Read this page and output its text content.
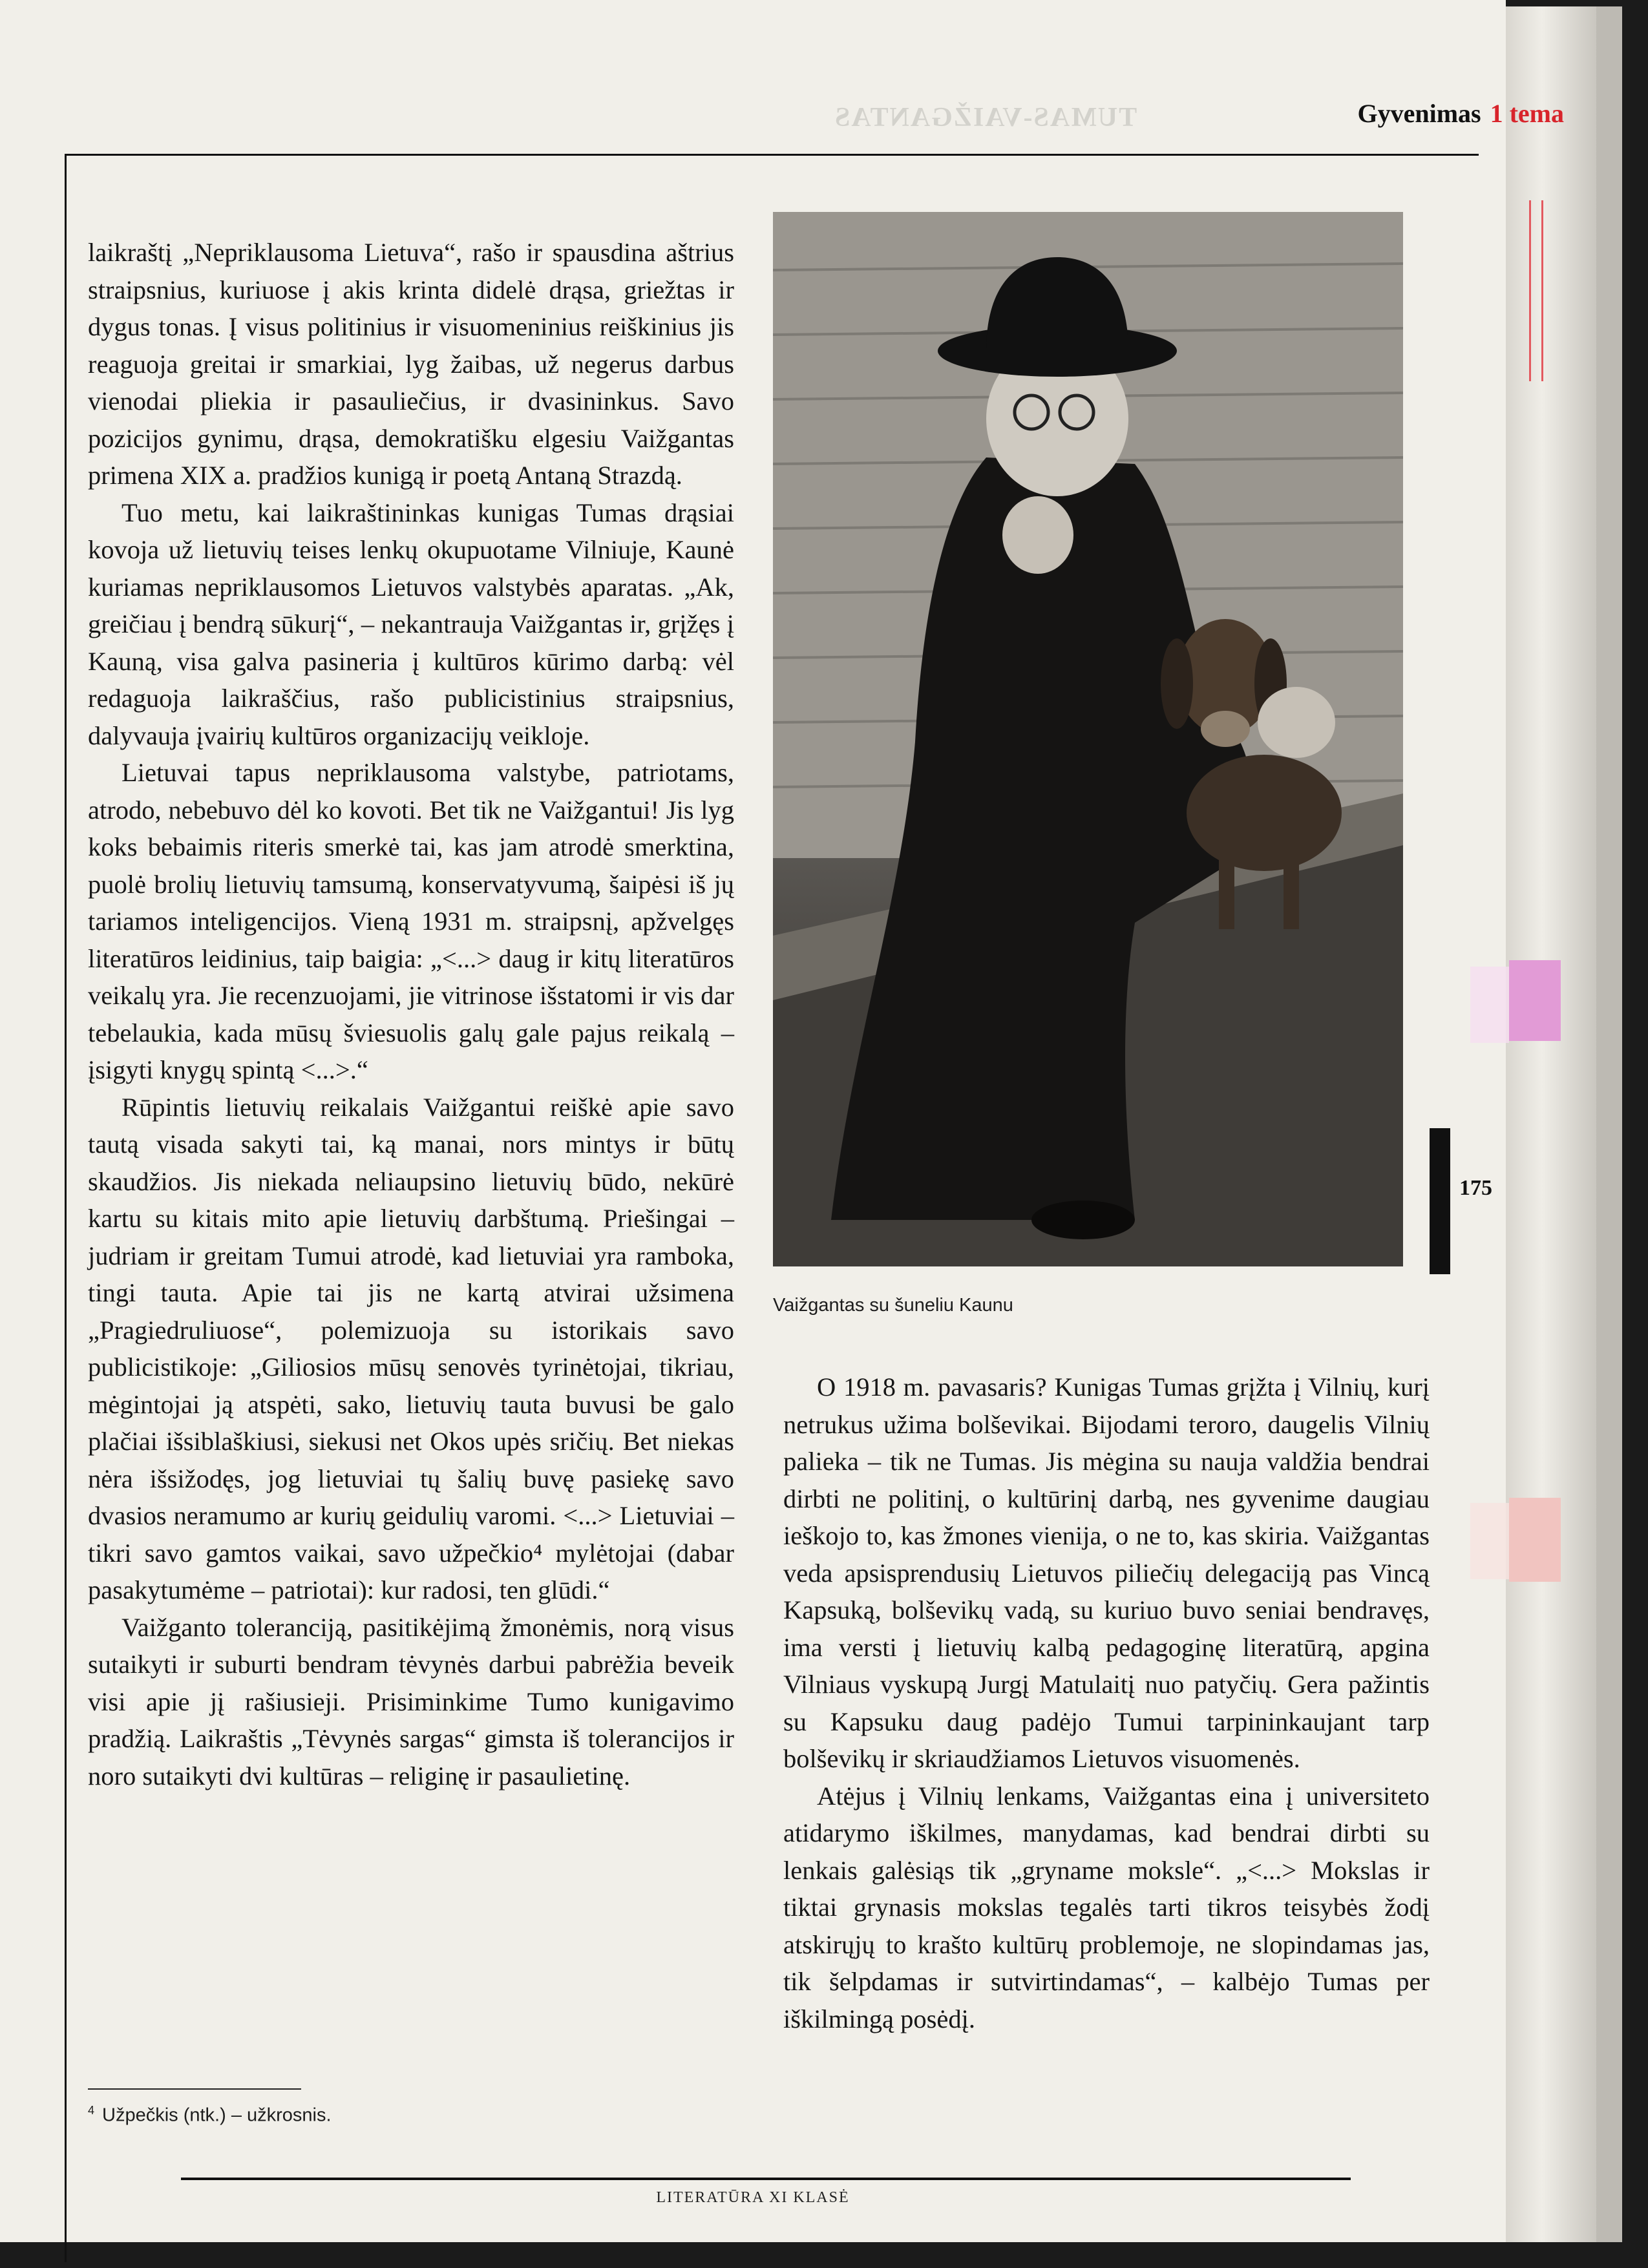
TUMAS-VAIŽGANTAS	Gyvenimas 1 tema

laikraštį „Nepriklausoma Lietuva“, rašo ir spausdina aštrius straipsnius, kuriuose į akis krinta didelė drąsa, griežtas ir dygus tonas. Į visus politinius ir visuomeninius reiškinius jis reaguoja greitai ir smarkiai, lyg žaibas, už negerus darbus vienodai pliekia ir pasauliečius, ir dvasininkus. Savo pozicijos gynimu, drąsa, demokratišku elgesiu Vaižgantas primena XIX a. pradžios kunigą ir poetą Antaną Strazdą.

Tuo metu, kai laikraštininkas kunigas Tumas drąsiai kovoja už lietuvių teises lenkų okupuotame Vilniuje, Kaunė kuriamas nepriklausomos Lietuvos valstybės aparatas. „Ak, greičiau į bendrą sūkurį“, – nekantrauja Vaižgantas ir, grįžęs į Kauną, visa galva pasineria į kultūros kūrimo darbą: vėl redaguoja laikraščius, rašo publicistinius straipsnius, dalyvauja įvairių kultūros organizacijų veikloje.

Lietuvai tapus nepriklausoma valstybe, patriotams, atrodo, nebebuvo dėl ko kovoti. Bet tik ne Vaižgantui! Jis lyg koks bebaimis riteris smerkė tai, kas jam atrodė smerktina, puolė brolių lietuvių tamsumą, konservatyvumą, šaipėsi iš jų tariamos inteligencijos. Vieną 1931 m. straipsnį, apžvelgęs literatūros leidinius, taip baigia: „<...> daug ir kitų literatūros veikalų yra. Jie recenzuojami, jie vitrinose išstatomi ir vis dar tebelaukia, kada mūsų šviesuolis galų gale pajus reikalą – įsigyti knygų spintą <...>.“

Rūpintis lietuvių reikalais Vaižgantui reiškė apie savo tautą visada sakyti tai, ką manai, nors mintys ir būtų skaudžios. Jis niekada neliaupsino lietuvių būdo, nekūrė kartu su kitais mito apie lietuvių darbštumą. Priešingai – judriam ir greitam Tumui atrodė, kad lietuviai yra ramboka, tingi tauta. Apie tai jis ne kartą atvirai užsimena „Pragiedruliuose“, polemizuoja su istorikais savo publicistikoje: „Giliosios mūsų senovės tyrinėtojai, tikriau, mėgintojai ją atspėti, sako, lietuvių tauta buvusi be galo plačiai išsiblaškiusi, siekusi net Okos upės sričių. Bet niekas nėra išsižodęs, jog lietuviai tų šalių buvę pasiekę savo dvasios neramumo ar kurių geidulių varomi. <...> Lietuviai – tikri savo gamtos vaikai, savo užpečkio⁴ mylėtojai (dabar pasakytumėme – patriotai): kur radosi, ten glūdi.“

Vaižganto toleranciją, pasitikėjimą žmonėmis, norą visus sutaikyti ir suburti bendram tėvynės darbui pabrėžia beveik visi apie jį rašiusieji. Prisiminkime Tumo kunigavimo pradžią. Laikraštis „Tėvynės sargas“ gimsta iš tolerancijos ir noro sutaikyti dvi kultūras – religinę ir pasaulietinę.

Vaižgantas su šuneliu Kaunu

O 1918 m. pavasaris? Kunigas Tumas grįžta į Vilnių, kurį netrukus užima bolševikai. Bijodami teroro, daugelis Vilnių palieka – tik ne Tumas. Jis mėgina su nauja valdžia bendrai dirbti ne politinį, o kultūrinį darbą, nes gyvenime daugiau ieškojo to, kas žmones vienija, o ne to, kas skiria. Vaižgantas veda apsisprendusių Lietuvos piliečių delegaciją pas Vincą Kapsuką, bolševikų vadą, su kuriuo buvo seniai bendravęs, ima versti į lietuvių kalbą pedagoginę literatūrą, apgina Vilniaus vyskupą Jurgį Matulaitį nuo patyčių. Gera pažintis su Kapsuku daug padėjo Tumui tarpininkaujant tarp bolševikų ir skriaudžiamos Lietuvos visuomenės.

Atėjus į Vilnių lenkams, Vaižgantas eina į universiteto atidarymo iškilmes, manydamas, kad bendrai dirbti su lenkais galėsiąs tik „gryname moksle“. „<...> Mokslas ir tiktai grynasis mokslas tegalės tarti tikros teisybės žodį atskirųjų to krašto kultūrų problemoje, ne slopindamas jas, tik šelpdamas ir sutvirtindamas“, – kalbėjo Tumas per iškilmingą posėdį.

$^4$ Užpečkis (ntk.) – užkrosnis.
175
LITERATŪRA XI KLASĖ
